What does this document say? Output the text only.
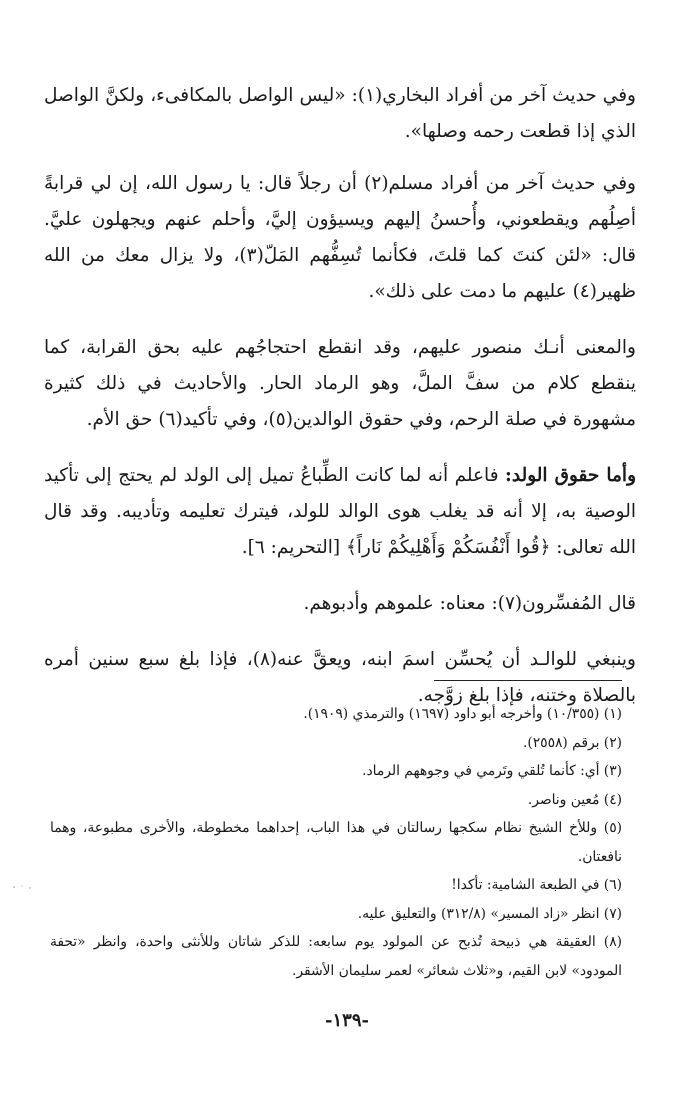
وفي حديث آخر من أفراد البخاري(١): «ليس الواصل بالمكافىء، ولكنَّ الواصل الذي إذا قطعت رحمه وصلها».

وفي حديث آخر من أفراد مسلم(٢) أن رجلاً قال: يا رسول الله، إن لي قرابةً أصِلُهم ويقطعوني، وأُحسنُ إليهم ويسيؤون إليَّ، وأحلم عنهم ويجهلون عليَّ. قال: «لئن كنتَ كما قلتَ، فكأنما تُسِفُّهم المَلّ(٣)، ولا يزال معك من الله ظهير(٤) عليهم ما دمت على ذلك».

والمعنى أنـك منصور عليهم، وقد انقطع احتجاجُهم عليه بحق القرابة، كما ينقطع كلام من سفَّ الملَّ، وهو الرماد الحار. والأحاديث في ذلك كثيرة مشهورة في صلة الرحم، وفي حقوق الوالدين(٥)، وفي تأكيد(٦) حق الأم.

وأما حقوق الولد: فاعلم أنه لما كانت الطِّباعُ تميل إلى الولد لم يحتج إلى تأكيد الوصية به، إلا أنه قد يغلب هوى الوالد للولد، فيترك تعليمه وتأديبه. وقد قال الله تعالى: ﴿قُوا أَنْفُسَكُمْ وَأَهْلِيكُمْ نَاراً﴾ [التحريم: ٦].

قال المُفسِّرون(٧): معناه: علموهم وأدبوهم.

وينبغي للوالـد أن يُحسِّن اسمَ ابنه، ويعقَّ عنه(٨)، فإذا بلغ سبع سنين أمره بالصلاة وختنه، فإذا بلغ زوَّجه.

(١) (١٠/٣٥٥) وأخرجه أبو داود (١٦٩٧) والترمذي (١٩٠٩).

(٢) برقم (٢٥٥٨).

(٣) أي: كأنما تُلقي وتَرمي في وجوههم الرماد.

(٤) مُعين وناصر.

(٥) وللأخ الشيخ نظام سكجها رسالتان في هذا الباب، إحداهما مخطوطة، والأخرى مطبوعة، وهما نافعتان.

(٦) في الطبعة الشامية: تأكدا!

(٧) انظر «زاد المسير» (٣١٢/٨) والتعليق عليه.

(٨) العقيقة هي ذبيحة تُذبح عن المولود يوم سابعه: للذكر شاتان وللأنثى واحدة، وانظر «تحفة المودود» لابن القيم، و«ثلاث شعائر» لعمر سليمان الأشقر.

-١٣٩-
